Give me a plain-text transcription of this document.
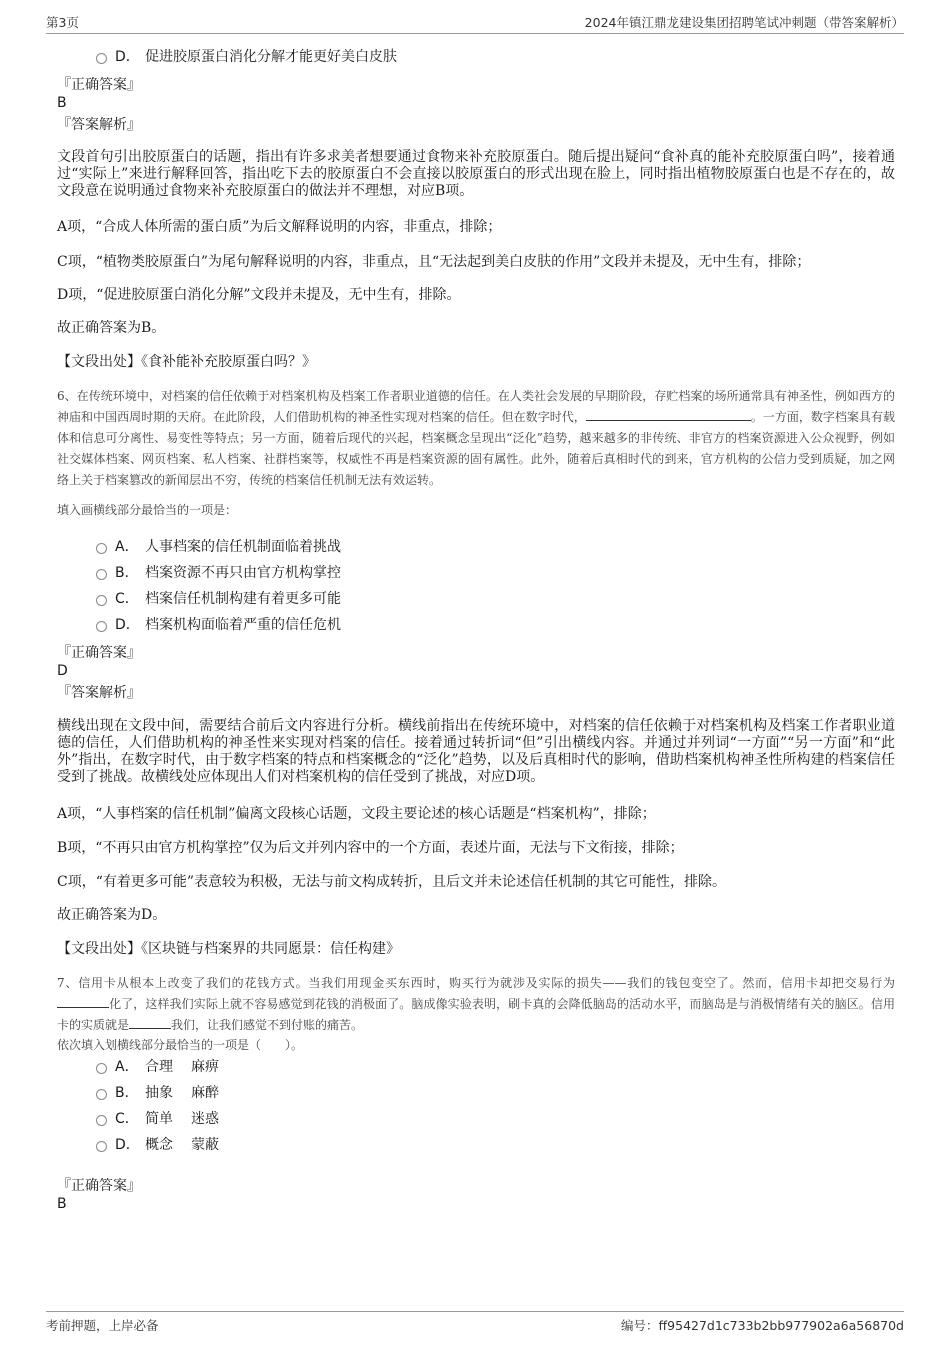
第3页	2024年镇江鼎龙建设集团招聘笔试冲刺题（带答案解析）
D． 促进胶原蛋白消化分解才能更好美白皮肤
『正确答案』
B
『答案解析』
文段首句引出胶原蛋白的话题，指出有许多求美者想要通过食物来补充胶原蛋白。随后提出疑问“食补真的能补充胶原蛋白吗”，接着通过“实际上”来进行解释回答，指出吃下去的胶原蛋白不会直接以胶原蛋白的形式出现在脸上，同时指出植物胶原蛋白也是不存在的，故文段意在说明通过食物来补充胶原蛋白的做法并不理想，对应B项。
A项，“合成人体所需的蛋白质”为后文解释说明的内容，非重点，排除；
C项，“植物类胶原蛋白”为尾句解释说明的内容，非重点，且“无法起到美白皮肤的作用”文段并未提及，无中生有，排除；
D项，“促进胶原蛋白消化分解”文段并未提及，无中生有，排除。
故正确答案为B。
【文段出处】《食补能补充胶原蛋白吗？》
6、在传统环境中，对档案的信任依赖于对档案机构及档案工作者职业道德的信任。在人类社会发展的早期阶段，存贮档案的场所通常具有神圣性，例如西方的神庙和中国西周时期的天府。在此阶段，人们借助机构的神圣性实现对档案的信任。但在数字时代，	。一方面，数字档案具有载体和信息可分离性、易变性等特点；另一方面，随着后现代的兴起，档案概念呈现出“泛化”趋势，越来越多的非传统、非官方的档案资源进入公众视野，例如社交媒体档案、网页档案、私人档案、社群档案等，权威性不再是档案资源的固有属性。此外，随着后真相时代的到来，官方机构的公信力受到质疑，加之网络上关于档案篡改的新闻层出不穷，传统的档案信任机制无法有效运转。
填入画横线部分最恰当的一项是：
A． 人事档案的信任机制面临着挑战
B． 档案资源不再只由官方机构掌控
C． 档案信任机制构建有着更多可能
D． 档案机构面临着严重的信任危机
『正确答案』
D
『答案解析』
横线出现在文段中间，需要结合前后文内容进行分析。横线前指出在传统环境中，对档案的信任依赖于对档案机构及档案工作者职业道德的信任，人们借助机构的神圣性来实现对档案的信任。接着通过转折词“但”引出横线内容。并通过并列词“一方面”“另一方面”和“此外”指出，在数字时代，由于数字档案的特点和档案概念的“泛化”趋势，以及后真相时代的影响，借助档案机构神圣性所构建的档案信任受到了挑战。故横线处应体现出人们对档案机构的信任受到了挑战，对应D项。
A项，“人事档案的信任机制”偏离文段核心话题，文段主要论述的核心话题是“档案机构”，排除；
B项，“不再只由官方机构掌控”仅为后文并列内容中的一个方面，表述片面，无法与下文衔接，排除；
C项，“有着更多可能”表意较为积极，无法与前文构成转折，且后文并未论述信任机制的其它可能性，排除。
故正确答案为D。
【文段出处】《区块链与档案界的共同愿景：信任构建》
7、信用卡从根本上改变了我们的花钱方式。当我们用现金买东西时，购买行为就涉及实际的损失——我们的钱包变空了。然而，信用卡却把交易行为化了，这样我们实际上就不容易感觉到花钱的消极面了。脑成像实验表明，刷卡真的会降低脑岛的活动水平，而脑岛是与消极情绪有关的脑区。信用卡的实质就是	我们，让我们感觉不到付账的痛苦。
依次填入划横线部分最恰当的一项是（　　）。
A． 合理 麻痹
B． 抽象 麻醉
C． 简单 迷惑
D． 概念 蒙蔽
『正确答案』
B
考前押题，上岸必备	编号：ff95427d1c733b2bb977902a6a56870d
